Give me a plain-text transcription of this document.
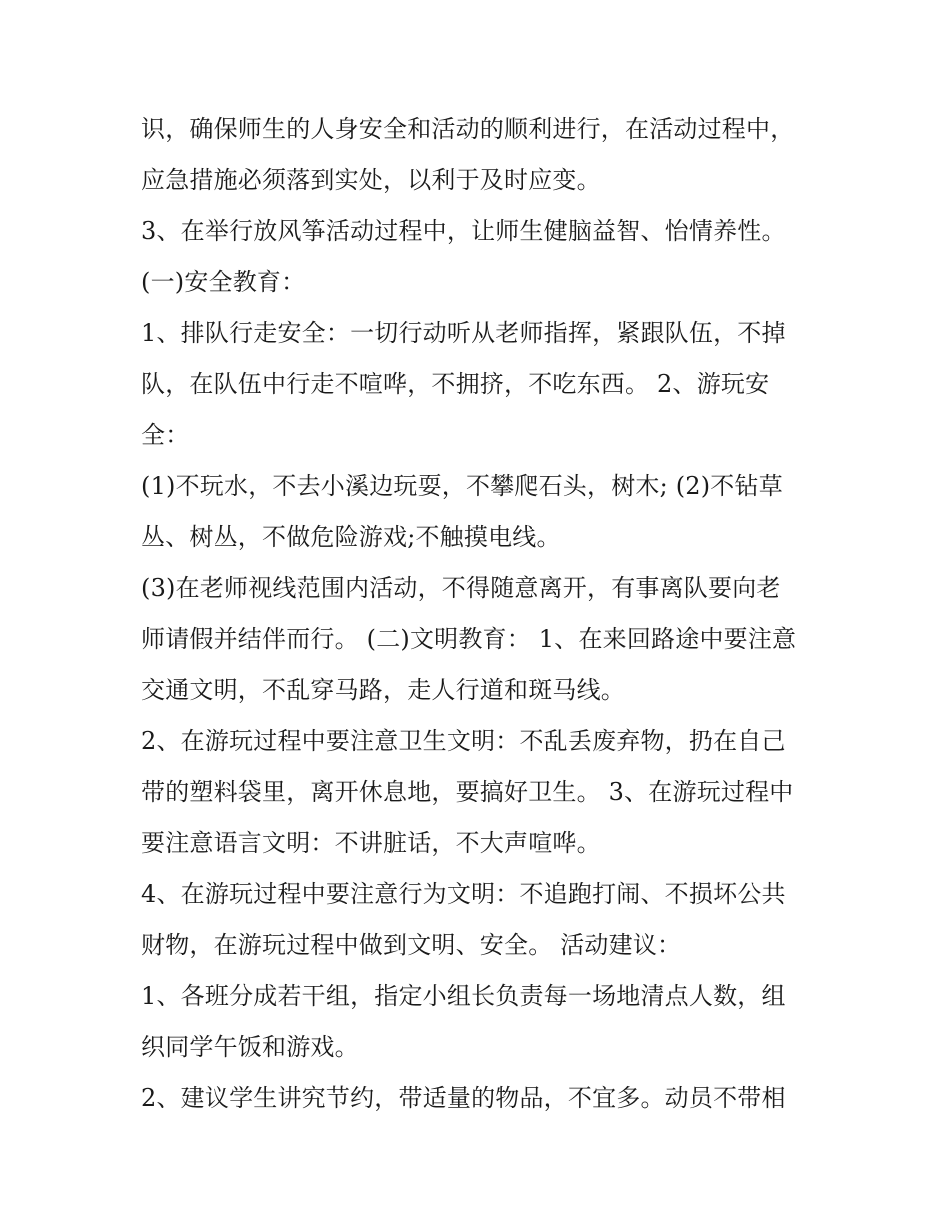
识，确保师生的人身安全和活动的顺利进行，在活动过程中，
应急措施必须落到实处，以利于及时应变。
3、在举行放风筝活动过程中，让师生健脑益智、怡情养性。
(一)安全教育：
1、排队行走安全：一切行动听从老师指挥，紧跟队伍，不掉
队，在队伍中行走不喧哗，不拥挤，不吃东西。 2、游玩安
全：
(1)不玩水，不去小溪边玩耍，不攀爬石头，树木; (2)不钻草
丛、树丛，不做危险游戏;不触摸电线。
(3)在老师视线范围内活动，不得随意离开，有事离队要向老
师请假并结伴而行。 (二)文明教育： 1、在来回路途中要注意
交通文明，不乱穿马路，走人行道和斑马线。
2、在游玩过程中要注意卫生文明：不乱丢废弃物，扔在自己
带的塑料袋里，离开休息地，要搞好卫生。 3、在游玩过程中
要注意语言文明：不讲脏话，不大声喧哗。
4、在游玩过程中要注意行为文明：不追跑打闹、不损坏公共
财物，在游玩过程中做到文明、安全。 活动建议：
1、各班分成若干组，指定小组长负责每一场地清点人数，组
织同学午饭和游戏。
2、建议学生讲究节约，带适量的物品，不宜多。动员不带相
